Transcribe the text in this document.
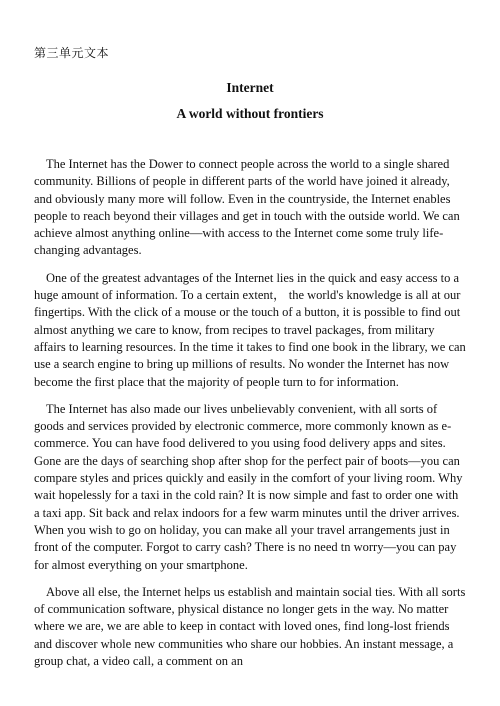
第三单元文本
Internet
A world without frontiers

The Internet has the Dower to connect people across the world to a single shared community. Billions of people in different parts of the world have joined it already, and obviously many more will follow. Even in the countryside, the Internet enables people to reach beyond their villages and get in touch with the outside world. We can achieve almost anything online—with access to the Internet come some truly life-changing advantages.

One of the greatest advantages of the Internet lies in the quick and easy access to a huge amount of information. To a certain extent， the world's knowledge is all at our fingertips. With the click of a mouse or the touch of a button, it is possible to find out almost anything we care to know, from recipes to travel packages, from military affairs to learning resources. In the time it takes to find one book in the library, we can use a search engine to bring up millions of results. No wonder the Internet has now become the first place that the majority of people turn to for information.

The Internet has also made our lives unbelievably convenient, with all sorts of goods and services provided by electronic commerce, more commonly known as e-commerce. You can have food delivered to you using food delivery apps and sites. Gone are the days of searching shop after shop for the perfect pair of boots—you can compare styles and prices quickly and easily in the comfort of your living room. Why wait hopelessly for a taxi in the cold rain? It is now simple and fast to order one with a taxi app. Sit back and relax indoors for a few warm minutes until the driver arrives. When you wish to go on holiday, you can make all your travel arrangements just in front of the computer. Forgot to carry cash? There is no need tn worry—you can pay for almost everything on your smartphone.

Above all else, the Internet helps us establish and maintain social ties. With all sorts of communication software, physical distance no longer gets in the way. No matter where we are, we are able to keep in contact with loved ones, find long-lost friends and discover whole new communities who share our hobbies. An instant message, a group chat, a video call, a comment on an
